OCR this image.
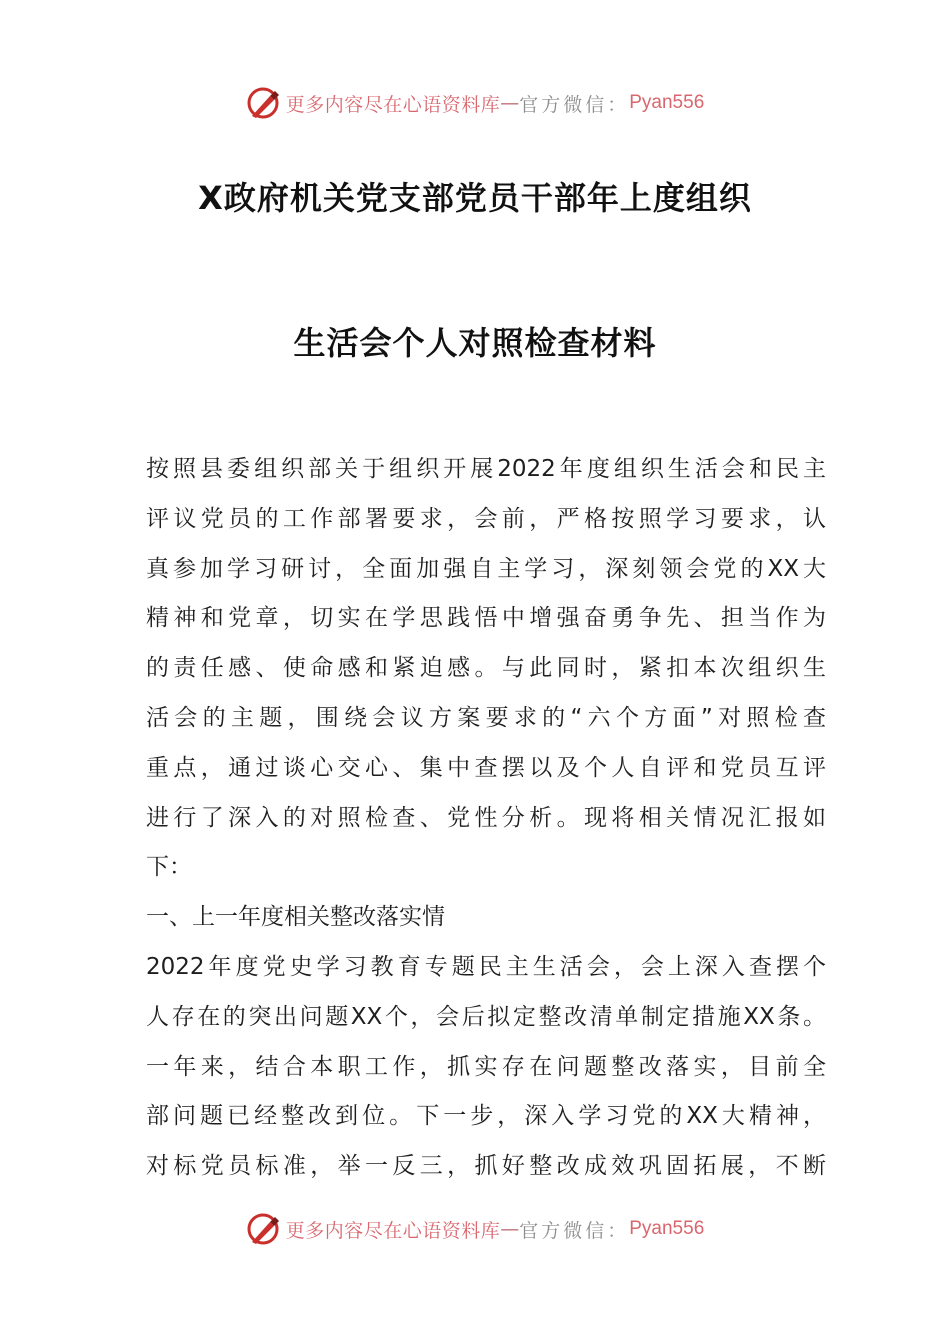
更多内容尽在心语资料库 — 官方微信： Pyan556
X政府机关党支部党员干部年上度组织
生活会个人对照检查材料
按照县委组织部关于组织开展2022年度组织生活会和民主
评议党员的工作部署要求，会前，严格按照学习要求，认
真参加学习研讨，全面加强自主学习，深刻领会党的XX大
精神和党章，切实在学思践悟中增强奋勇争先、担当作为
的责任感、使命感和紧迫感。与此同时，紧扣本次组织生
活会的主题，围绕会议方案要求的“六个方面”对照检查
重点，通过谈心交心、集中查摆以及个人自评和党员互评
进行了深入的对照检查、党性分析。现将相关情况汇报如
下：
一、上一年度相关整改落实情
2022年度党史学习教育专题民主生活会，会上深入查摆个
人存在的突出问题XX个，会后拟定整改清单制定措施XX条。
一年来，结合本职工作，抓实存在问题整改落实，目前全
部问题已经整改到位。下一步，深入学习党的XX大精神，
对标党员标准，举一反三，抓好整改成效巩固拓展，不断
更多内容尽在心语资料库 — 官方微信： Pyan556
